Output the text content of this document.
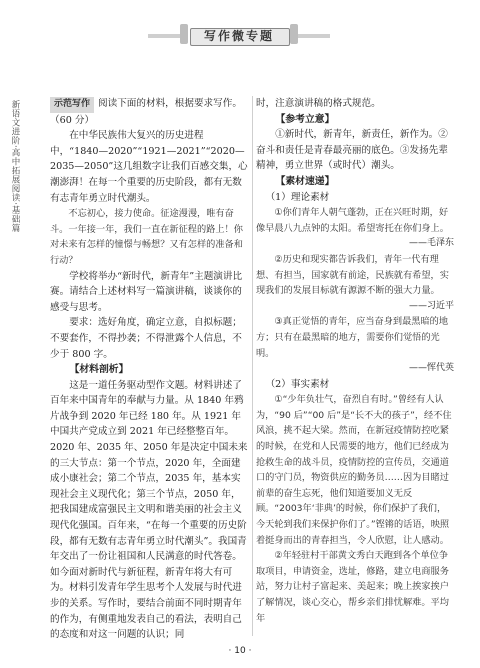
写作微专题
新语文进阶·高中拓展阅读·基础篇	示范写作 阅读下面的材料，根据要求写作。（60 分）

在中华民族伟大复兴的历史进程中，“1840—2020”“1921—2021”“2020—2035—2050”这几组数字让我们百感交集，心潮澎湃！在每一个重要的历史阶段，都有无数有志青年勇立时代潮头。

不忘初心，接力使命。征途漫漫，唯有奋斗。一年接一年，我们一直在新征程的路上！你对未来有怎样的憧憬与畅想？又有怎样的准备和行动？

学校将举办“新时代，新青年”主题演讲比赛。请结合上述材料写一篇演讲稿，谈谈你的感受与思考。

要求：选好角度，确定立意，自拟标题；不要套作，不得抄袭；不得泄露个人信息，不少于 800 字。

【材料剖析】

这是一道任务驱动型作文题。材料讲述了百年来中国青年的奉献与力量。从 1840 年鸦片战争到 2020 年已经 180 年。从 1921 年中国共产党成立到 2021 年已经整整百年。2020 年、2035 年、2050 年是决定中国未来的三大节点：第一个节点，2020 年，全面建成小康社会；第二个节点，2035 年，基本实现社会主义现代化；第三个节点，2050 年，把我国建成富强民主文明和谐美丽的社会主义现代化强国。百年来，“在每一个重要的历史阶段，都有无数有志青年勇立时代潮头”。我国青年交出了一份让祖国和人民满意的时代答卷。如今面对新时代与新征程，新青年将大有可为。材料引发青年学生思考个人发展与时代进步的关系。写作时，要结合前面不同时期青年的作为，有侧重地发表自己的看法，表明自己的态度和对这一问题的认识；同

时，注意演讲稿的格式规范。

【参考立意】

①新时代，新青年，新责任，新作为。②奋斗和责任是青春最亮丽的底色。③发扬先辈精神，勇立世界（或时代）潮头。

【素材速递】

（1）理论素材

①你们青年人朝气蓬勃，正在兴旺时期，好像早晨八九点钟的太阳。希望寄托在你们身上。

——毛泽东

②历史和现实都告诉我们，青年一代有理想、有担当，国家就有前途，民族就有希望，实现我们的发展目标就有源源不断的强大力量。

——习近平

③真正觉悟的青年，应当奋身到最黑暗的地方；只有在最黑暗的地方，需要你们觉悟的光明。

——恽代英

（2）事实素材

①“少年负壮气，奋烈自有时。”曾经有人认为，“90 后”“00 后”是“长不大的孩子”，经不住风浪，挑不起大梁。然而，在新冠疫情防控吃紧的时候，在党和人民需要的地方，他们已经成为抢救生命的战斗员，疫情防控的宣传员，交通道口的守门员，物资供应的勤务员……因为目睹过前辈的奋生忘死，他们知道要加义无反顾。“2003年‘非典’的时候，你们保护了我们，今天轮到我们来保护你们了。”铿锵的话语，映照着挺身而出的青春担当，令人欣慰，让人感动。

②年轻驻村干部黄文秀白天跑到各个单位争取项目，申请资金，选址，修路，建立电商服务站，努力让村子富起来、美起来；晚上挨家挨户了解情况，谈心交心，帮乡亲们排忧解难。平均年

· 10 ·
